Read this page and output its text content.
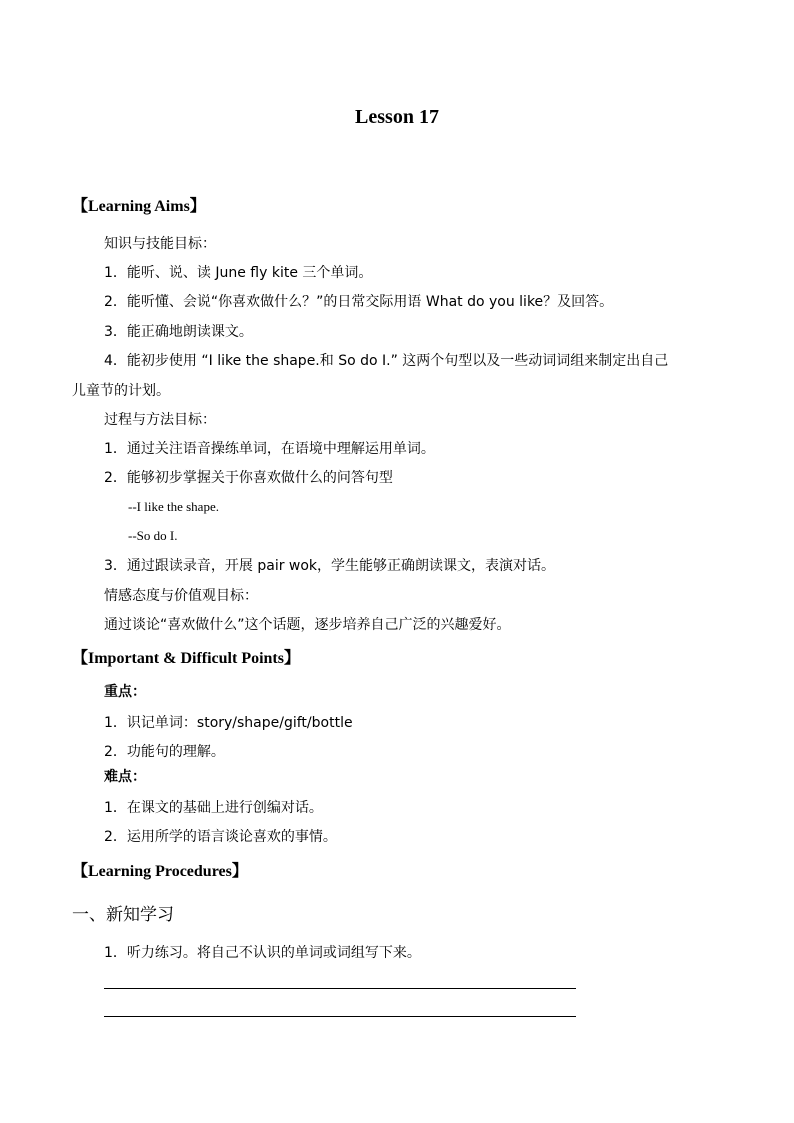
Lesson 17
【Learning Aims】
知识与技能目标：
1．能听、说、读 June fly kite 三个单词。
2．能听懂、会说“你喜欢做什么？”的日常交际用语 What do you like？及回答。
3．能正确地朗读课文。
4．能初步使用 “I like the shape.和 So do I.” 这两个句型以及一些动词词组来制定出自己
儿童节的计划。
过程与方法目标：
1．通过关注语音操练单词，在语境中理解运用单词。
2．能够初步掌握关于你喜欢做什么的问答句型
--I like the shape.
--So do I.
3．通过跟读录音，开展 pair wok，学生能够正确朗读课文，表演对话。
情感态度与价值观目标：
通过谈论“喜欢做什么”这个话题，逐步培养自己广泛的兴趣爱好。
【Important & Difficult Points】
重点：
1．识记单词：story/shape/gift/bottle
2．功能句的理解。
难点：
1．在课文的基础上进行创编对话。
2．运用所学的语言谈论喜欢的事情。
【Learning Procedures】
一、新知学习
1．听力练习。将自己不认识的单词或词组写下来。
